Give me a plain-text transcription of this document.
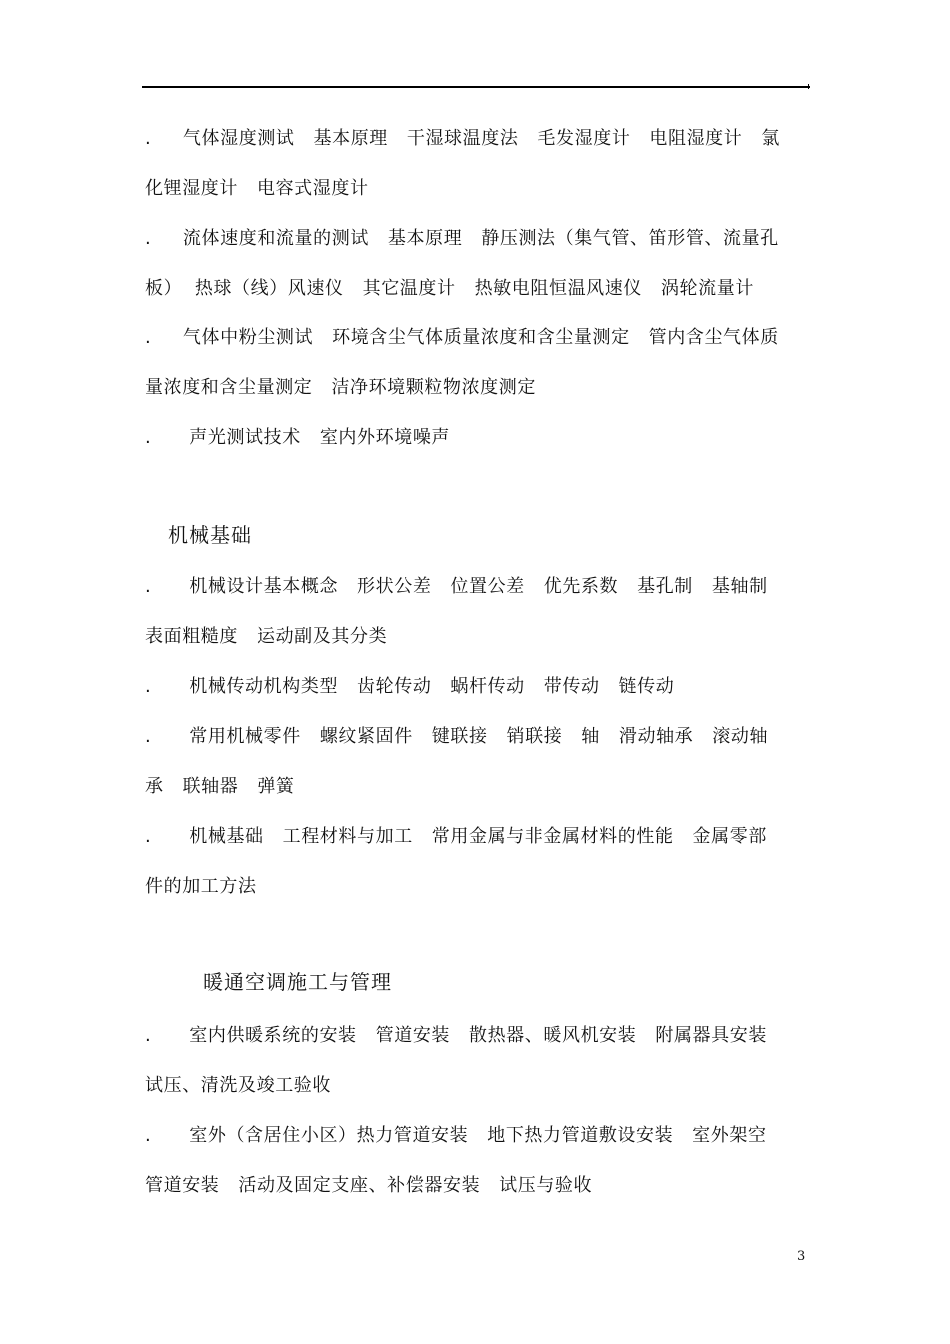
.     气体湿度测试   基本原理   干湿球温度法   毛发湿度计   电阻湿度计   氯
化锂湿度计   电容式湿度计
.     流体速度和流量的测试   基本原理   静压测法（集气管、笛形管、流量孔
板）  热球（线）风速仪   其它温度计   热敏电阻恒温风速仪   涡轮流量计
.     气体中粉尘测试   环境含尘气体质量浓度和含尘量测定   管内含尘气体质
量浓度和含尘量测定   洁净环境颗粒物浓度测定
.      声光测试技术   室内外环境噪声
机械基础
.      机械设计基本概念   形状公差   位置公差   优先系数   基孔制   基轴制
表面粗糙度   运动副及其分类
.      机械传动机构类型   齿轮传动   蜗杆传动   带传动   链传动
.      常用机械零件   螺纹紧固件   键联接   销联接   轴   滑动轴承   滚动轴
承   联轴器   弹簧
.      机械基础   工程材料与加工   常用金属与非金属材料的性能   金属零部
件的加工方法
暖通空调施工与管理
.      室内供暖系统的安装   管道安装   散热器、暖风机安装   附属器具安装
试压、清洗及竣工验收
.      室外（含居住小区）热力管道安装   地下热力管道敷设安装   室外架空
管道安装   活动及固定支座、补偿器安装   试压与验收
3
